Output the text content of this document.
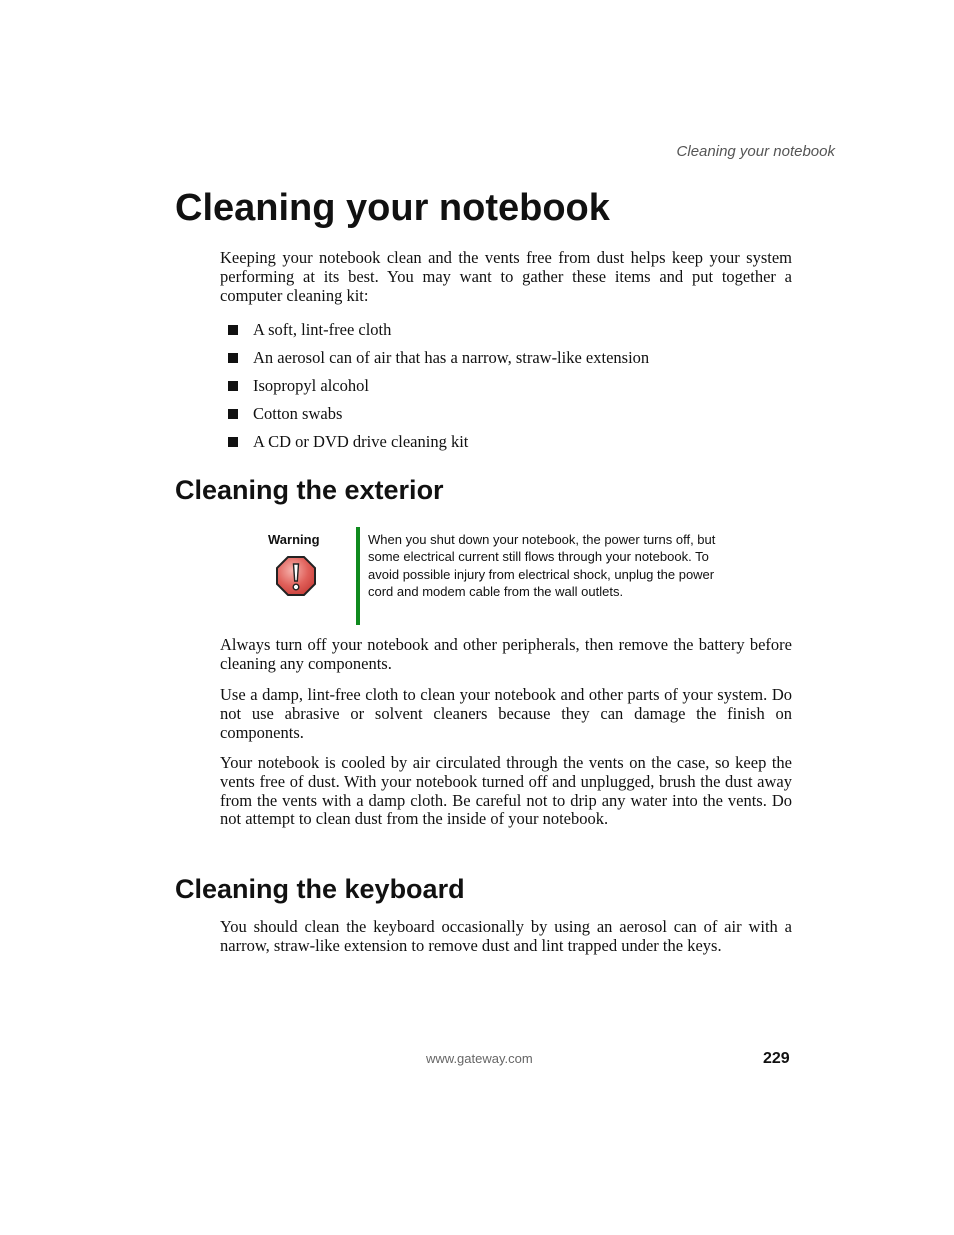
Cleaning your notebook
Cleaning your notebook

Keeping your notebook clean and the vents free from dust helps keep your system performing at its best. You may want to gather these items and put together a computer cleaning kit:

A soft, lint-free cloth
An aerosol can of air that has a narrow, straw-like extension
Isopropyl alcohol
Cotton swabs
A CD or DVD drive cleaning kit
Cleaning the exterior
Warning	When you shut down your notebook, the power turns off, but some electrical current still flows through your notebook. To avoid possible injury from electrical shock, unplug the power cord and modem cable from the wall outlets.

Always turn off your notebook and other peripherals, then remove the battery before cleaning any components.

Use a damp, lint-free cloth to clean your notebook and other parts of your system. Do not use abrasive or solvent cleaners because they can damage the finish on components.

Your notebook is cooled by air circulated through the vents on the case, so keep the vents free of dust. With your notebook turned off and unplugged, brush the dust away from the vents with a damp cloth. Be careful not to drip any water into the vents. Do not attempt to clean dust from the inside of your notebook.

Cleaning the keyboard

You should clean the keyboard occasionally by using an aerosol can of air with a narrow, straw-like extension to remove dust and lint trapped under the keys.

www.gateway.com	229
